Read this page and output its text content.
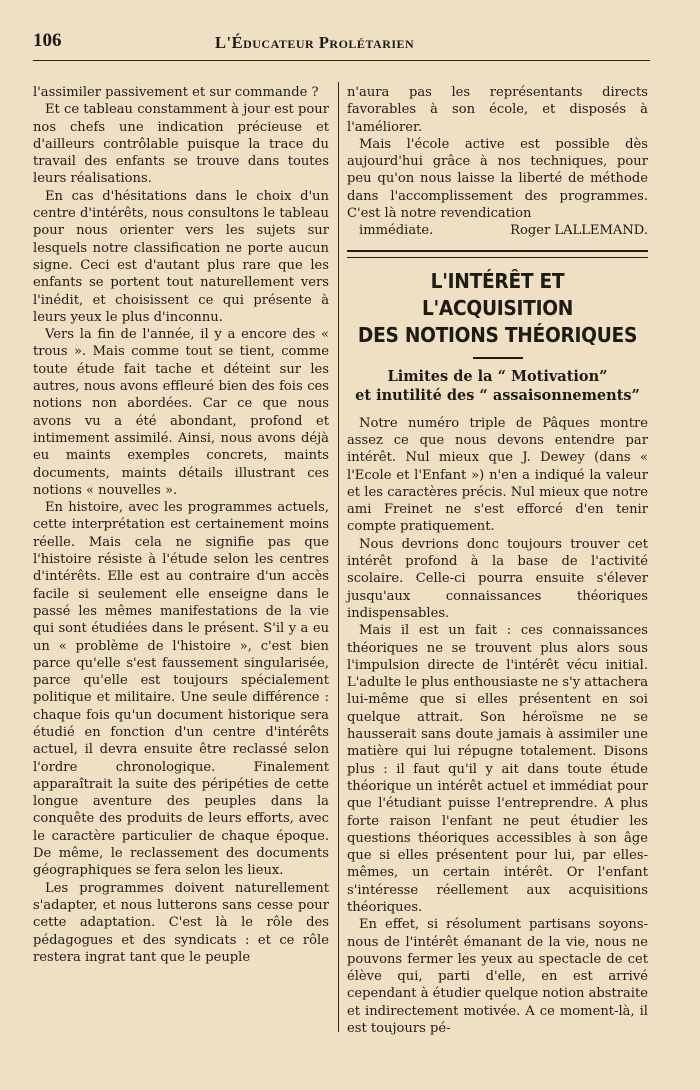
106	L'Éducateur Prolétarien

l'assimiler passivement et sur commande ?

Et ce tableau constamment à jour est pour nos chefs une indication précieuse et d'ailleurs contrôlable puisque la trace du travail des enfants se trouve dans toutes leurs réalisations.

En cas d'hésitations dans le choix d'un centre d'intérêts, nous consultons le tableau pour nous orienter vers les sujets sur lesquels notre classification ne porte aucun signe. Ceci est d'autant plus rare que les enfants se portent tout naturellement vers l'inédit, et choisissent ce qui présente à leurs yeux le plus d'inconnu.

Vers la fin de l'année, il y a encore des « trous ». Mais comme tout se tient, comme toute étude fait tache et déteint sur les autres, nous avons effleuré bien des fois ces notions non abordées. Car ce que nous avons vu a été abondant, profond et intimement assimilé. Ainsi, nous avons déjà eu maints exemples concrets, maints documents, maints détails illustrant ces notions « nouvelles ».

En histoire, avec les programmes actuels, cette interprétation est certainement moins réelle. Mais cela ne signifie pas que l'histoire résiste à l'étude selon les centres d'intérêts. Elle est au contraire d'un accès facile si seulement elle enseigne dans le passé les mêmes manifestations de la vie qui sont étudiées dans le présent. S'il y a eu un « problème de l'histoire », c'est bien parce qu'elle s'est faussement singularisée, parce qu'elle est toujours spécialement politique et militaire. Une seule différence : chaque fois qu'un document historique sera étudié en fonction d'un centre d'intérêts actuel, il devra ensuite être reclassé selon l'ordre chronologique. Finalement apparaîtrait la suite des péripéties de cette longue aventure des peuples dans la conquête des produits de leurs efforts, avec le caractère particulier de chaque époque. De même, le reclassement des documents géographiques se fera selon les lieux.

Les programmes doivent naturellement s'adapter, et nous lutterons sans cesse pour cette adaptation. C'est là le rôle des pédagogues et des syndicats : et ce rôle restera ingrat tant que le peuple

n'aura pas les représentants directs favorables à son école, et disposés à l'améliorer.

Mais l'école active est possible dès aujourd'hui grâce à nos techniques, pour peu qu'on nous laisse la liberté de méthode dans l'accomplissement des programmes. C'est là notre revendication

immédiate.	Roger LALLEMAND.

L'INTÉRÊT ET L'ACQUISITION
DES NOTIONS THÉORIQUES
Limites de la “ Motivation”
et inutilité des “ assaisonnements”

Notre numéro triple de Pâques montre assez ce que nous devons entendre par intérêt. Nul mieux que J. Dewey (dans « l'Ecole et l'Enfant ») n'en a indiqué la valeur et les caractères précis. Nul mieux que notre ami Freinet ne s'est efforcé d'en tenir compte pratiquement.

Nous devrions donc toujours trouver cet intérêt profond à la base de l'activité scolaire. Celle-ci pourra ensuite s'élever jusqu'aux connaissances théoriques indispensables.

Mais il est un fait : ces connaissances théoriques ne se trouvent plus alors sous l'impulsion directe de l'intérêt vécu initial. L'adulte le plus enthousiaste ne s'y attachera lui-même que si elles présentent en soi quelque attrait. Son héroïsme ne se hausserait sans doute jamais à assimiler une matière qui lui répugne totalement. Disons plus : il faut qu'il y ait dans toute étude théorique un intérêt actuel et immédiat pour que l'étudiant puisse l'entreprendre. A plus forte raison l'enfant ne peut étudier les questions théoriques accessibles à son âge que si elles présentent pour lui, par elles-mêmes, un certain intérêt. Or l'enfant s'intéresse réellement aux acquisitions théoriques.

En effet, si résolument partisans soyons-nous de l'intérêt émanant de la vie, nous ne pouvons fermer les yeux au spectacle de cet élève qui, parti d'elle, en est arrivé cependant à étudier quelque notion abstraite et indirectement motivée. A ce moment-là, il est toujours pé-
